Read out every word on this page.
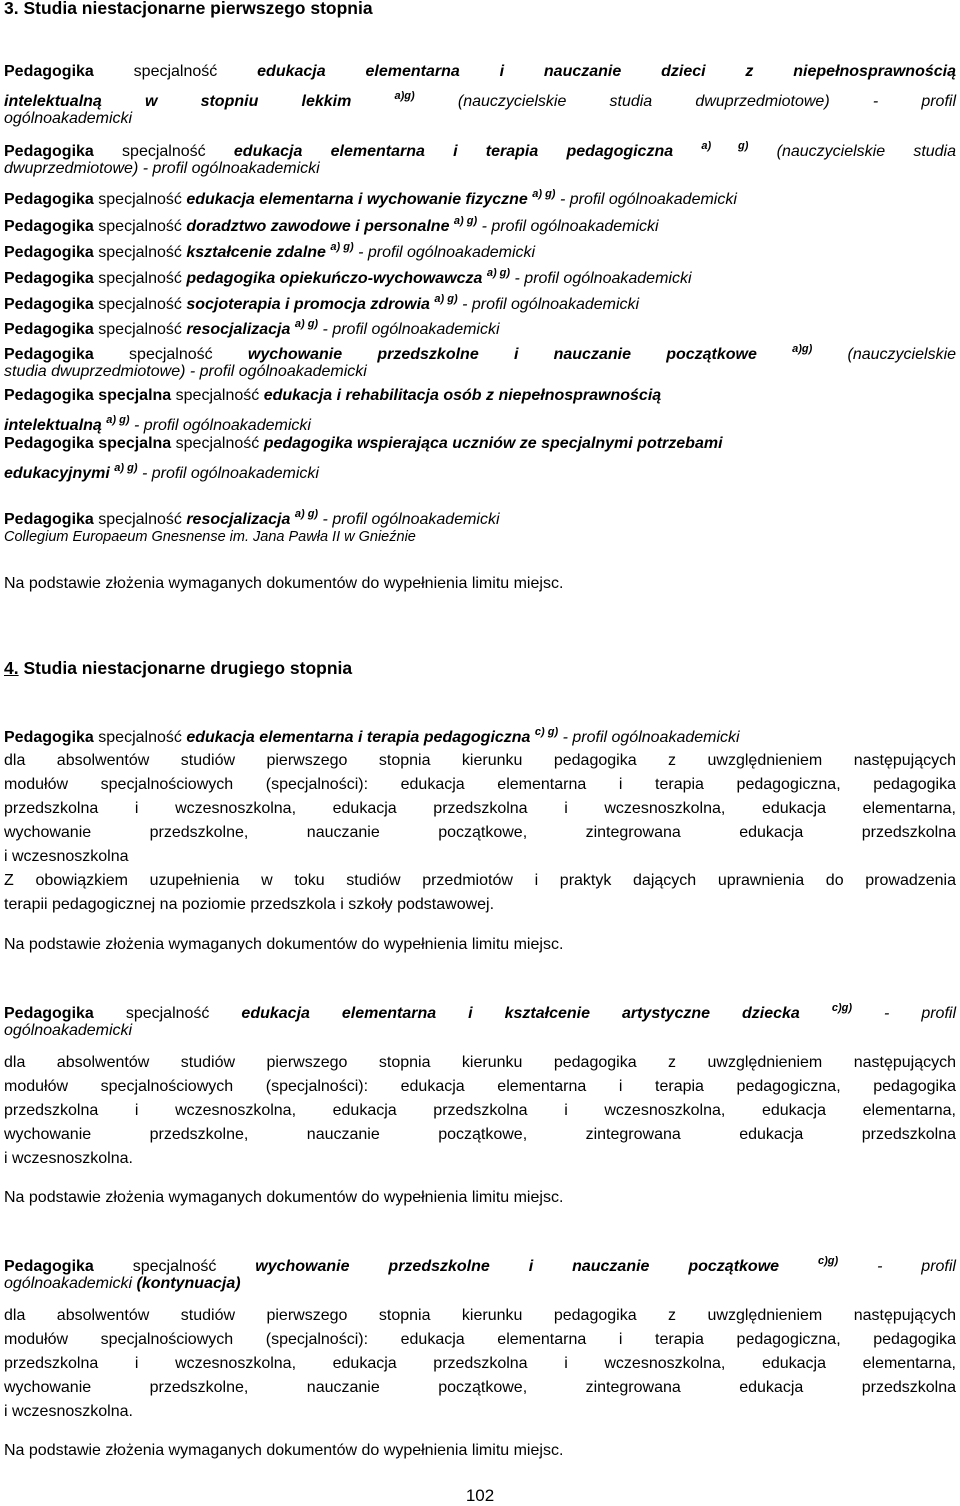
3. Studia niestacjonarne pierwszego stopnia
Pedagogika specjalność edukacja elementarna i nauczanie dzieci z niepełnosprawnością
intelektualną w stopniu lekkim	$^{a)g)}$	(nauczycielskie studia dwuprzedmiotowe) - profil
ogólnoakademicki
Pedagogika specjalność edukacja elementarna i terapia pedagogiczna	$^{a) g)}$ (nauczycielskie studia
dwuprzedmiotowe) - profil ogólnoakademicki
Pedagogika specjalność edukacja elementarna i wychowanie fizyczne $^{a) g)}$ - profil ogólnoakademicki
Pedagogika specjalność doradztwo zawodowe i personalne $^{a) g)}$ - profil ogólnoakademicki
Pedagogika specjalność kształcenie zdalne $^{a) g)}$ - profil ogólnoakademicki
Pedagogika specjalność pedagogika opiekuńczo-wychowawcza $^{a) g)}$ - profil ogólnoakademicki
Pedagogika specjalność socjoterapia i promocja zdrowia $^{a) g)}$ - profil ogólnoakademicki
Pedagogika specjalność resocjalizacja $^{a) g)}$ - profil ogólnoakademicki
Pedagogika specjalność wychowanie przedszkolne i nauczanie początkowe	$^{a)g)}$ (nauczycielskie
studia dwuprzedmiotowe) - profil ogólnoakademicki
Pedagogika specjalna specjalność edukacja i rehabilitacja osób z niepełnosprawnością
intelektualną $^{a) g)}$ - profil ogólnoakademicki
Pedagogika specjalna specjalność pedagogika wspierająca uczniów ze specjalnymi potrzebami
edukacyjnymi $^{a) g)}$ - profil ogólnoakademicki
Pedagogika specjalność resocjalizacja $^{a) g)}$ - profil ogólnoakademicki
Collegium Europaeum Gnesnense im. Jana Pawła II w Gnieźnie
Na podstawie złożenia wymaganych dokumentów do wypełnienia limitu miejsc.
4. Studia niestacjonarne drugiego stopnia
Pedagogika specjalność edukacja elementarna i terapia pedagogiczna $^{c) g)}$ - profil ogólnoakademicki
dla absolwentów studiów pierwszego stopnia kierunku pedagogika z uwzględnieniem następujących
modułów specjalnościowych (specjalności): edukacja elementarna i terapia pedagogiczna, pedagogika
przedszkolna i wczesnoszkolna, edukacja przedszkolna i wczesnoszkolna, edukacja elementarna,
wychowanie przedszkolne, nauczanie początkowe, zintegrowana edukacja przedszkolna
i wczesnoszkolna
Z obowiązkiem uzupełnienia w toku studiów przedmiotów i praktyk dających uprawnienia do prowadzenia
terapii pedagogicznej na poziomie przedszkola i szkoły podstawowej.
Na podstawie złożenia wymaganych dokumentów do wypełnienia limitu miejsc.
Pedagogika specjalność edukacja elementarna i kształcenie artystyczne dziecka	$^{c)g)}$ - profil
ogólnoakademicki
dla absolwentów studiów pierwszego stopnia kierunku pedagogika z uwzględnieniem następujących
modułów specjalnościowych (specjalności): edukacja elementarna i terapia pedagogiczna, pedagogika
przedszkolna i wczesnoszkolna, edukacja przedszkolna i wczesnoszkolna, edukacja elementarna,
wychowanie przedszkolne, nauczanie początkowe, zintegrowana edukacja przedszkolna
i wczesnoszkolna.
Na podstawie złożenia wymaganych dokumentów do wypełnienia limitu miejsc.
Pedagogika specjalność wychowanie przedszkolne i nauczanie początkowe	$^{c)g)}$ - profil
ogólnoakademicki (kontynuacja)
dla absolwentów studiów pierwszego stopnia kierunku pedagogika z uwzględnieniem następujących
modułów specjalnościowych (specjalności): edukacja elementarna i terapia pedagogiczna, pedagogika
przedszkolna i wczesnoszkolna, edukacja przedszkolna i wczesnoszkolna, edukacja elementarna,
wychowanie przedszkolne, nauczanie początkowe, zintegrowana edukacja przedszkolna
i wczesnoszkolna.
Na podstawie złożenia wymaganych dokumentów do wypełnienia limitu miejsc.
102
